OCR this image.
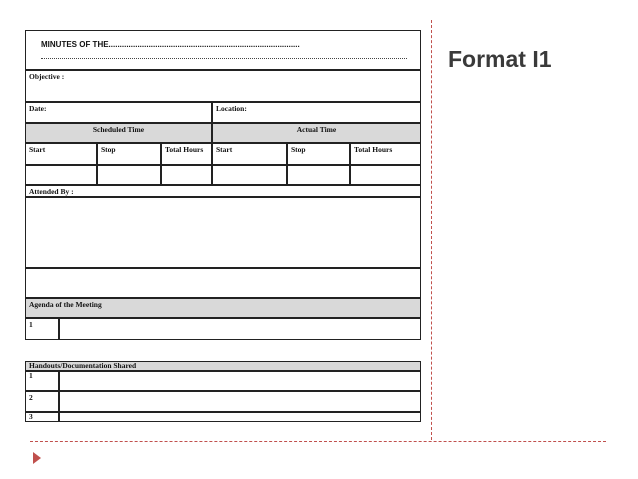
Format I1
MINUTES OF THE......................................................................................
Objective :
Date:	Location:
Scheduled Time	Actual Time
Start	Stop	Total Hours	Start	Stop	Total Hours
Attended By :
Agenda of the Meeting
1
Handouts/Documentation Shared
1
2
3
